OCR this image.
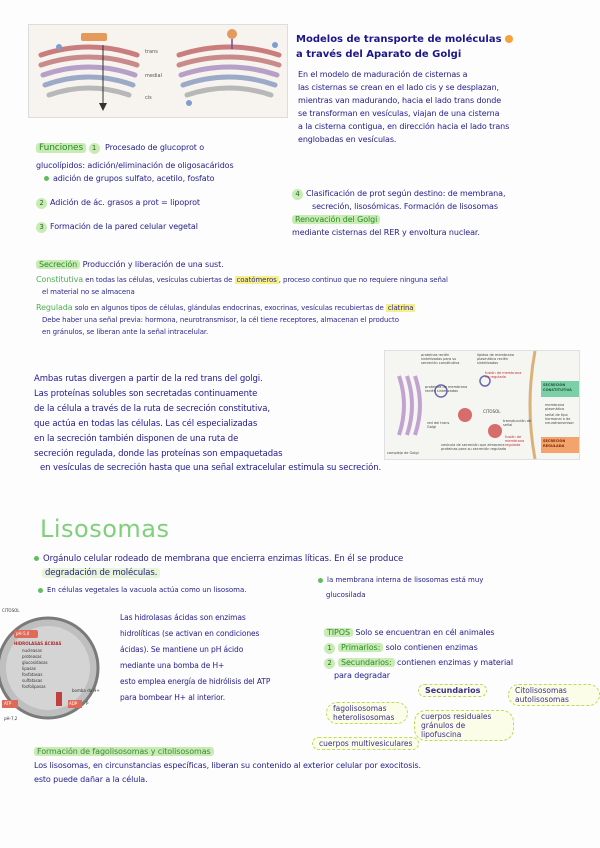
trans
medial
cis
Modelos de transporte de moléculas
a través del Aparato de Golgi
En el modelo de maduración de cisternas a
las cisternas se crean en el lado cis y se desplazan,
mientras van madurando, hacia el lado trans donde
se transforman en vesículas, viajan de una cisterna
a la cisterna contigua, en dirección hacia el lado trans
englobadas en vesículas.
Funciones 1 Procesado de glucoprot o
glucolípidos: adición/eliminación de oligosacáridos
adición de grupos sulfato, acetilo, fosfato
2 Adición de ác. grasos a prot = lipoprot
3 Formación de la pared celular vegetal
4 Clasificación de prot según destino: de membrana,
secreción, lisosómicas. Formación de lisosomas
Renovación del Golgi
mediante cisternas del RER y envoltura nuclear.
Secreción Producción y liberación de una sust.
Constitutiva en todas las células, vesículas cubiertas de coatómeros , proceso continuo que no requiere ninguna señal
el material no se almacena
Regulada solo en algunos tipos de células, glándulas endocrinas, exocrinas, vesículas recubiertas de clatrina
Debe haber una señal previa: hormona, neurotransmisor, la cél tiene receptores, almacenan el producto
en gránulos, se liberan ante la señal intracelular.
Ambas rutas divergen a partir de la red trans del golgi.
Las proteínas solubles son secretadas continuamente
de la célula a través de la ruta de secreción constitutiva,
que actúa en todas las células. Las cél especializadas
en la secreción también disponen de una ruta de
secreción regulada, donde las proteínas son empaquetadas
en vesículas de secreción hasta que una señal extracelular estimula su secreción.
proteínas recién sintetizadas para su secreción constitutiva
lípidos de membrana plasmática recién sintetizados
fusión de membrana no regulada
SECRECIÓN CONSTITUTIVA
membrana plasmática
señal de tipo hormonal o de neurotransmisor
CITOSOL
red del trans Golgi
proteínas de membrana recién sintetizadas
transducción de señal
fusión de membrana regulada
SECRECIÓN REGULADA
vesícula de secreción que almacena proteínas para su secreción regulada
complejo de Golgi
Lisosomas
Orgánulo celular rodeado de membrana que encierra enzimas líticas. En él se produce
degradación de moléculas.
En células vegetales la vacuola actúa como un lisosoma.
la membrana interna de lisosomas está muy
glucosilada
CITOSOL
pH-5,0
HIDROLASAS ÁCIDAS
nucleasas
proteasas
glucosidasas
lipasas
fosfatasas
sulfatasas
fosfolipasas
bomba de H+
ATP	ADP P
pH-7,2
Las hidrolasas ácidas son enzimas
hidrolíticas (se activan en condiciones
ácidas). Se mantiene un pH ácido
mediante una bomba de H+
esto emplea energía de hidrólisis del ATP
para bombear H+ al interior.
TIPOS Solo se encuentran en cél animales
1 Primarios: solo contienen enzimas
2 Secundarios: contienen enzimas y material
para degradar
Secundarios	Citolisosomas autolisosomas
fagolisosomas heterolisosomas	cuerpos residuales gránulos de lipofuscina
cuerpos multivesiculares
Formación de fagolisosomas y citolisosomas
Los lisosomas, en circunstancias específicas, liberan su contenido al exterior celular por exocitosis.
esto puede dañar a la célula.
